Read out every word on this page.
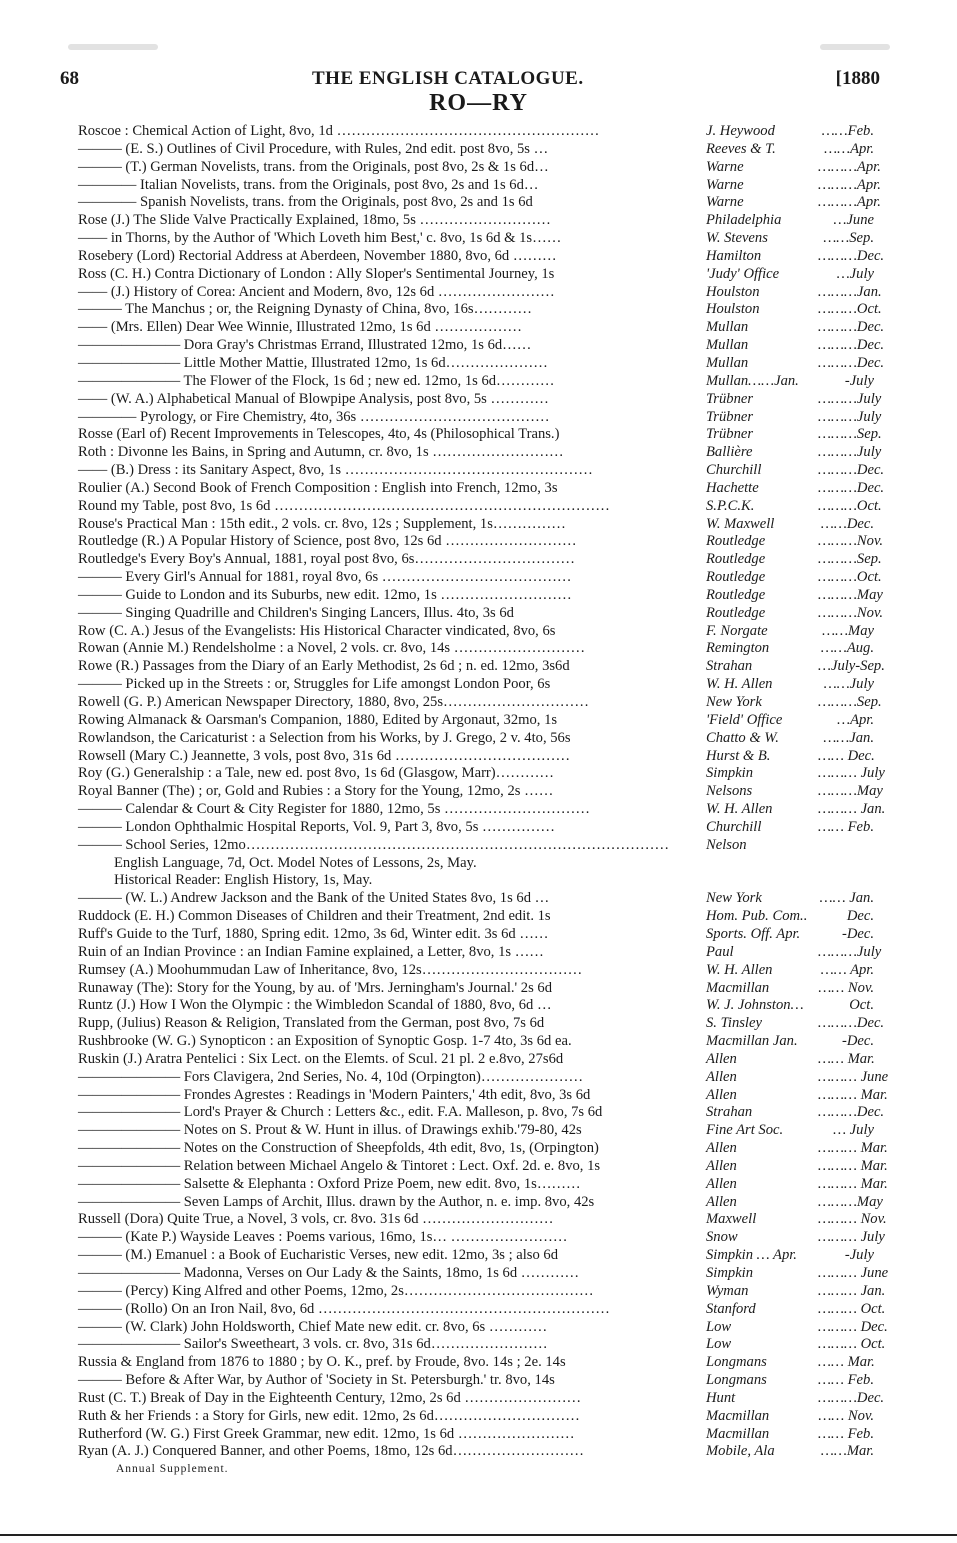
68	THE ENGLISH CATALOGUE.	[1880
RO—RY
Roscoe : Chemical Action of Light, 8vo, 1d ………………………………………………	J. Heywood	……Feb.
——— (E. S.) Outlines of Civil Procedure, with Rules, 2nd edit. post 8vo, 5s …	Reeves & T.	……Apr.
——— (T.) German Novelists, trans. from the Originals, post 8vo, 2s & 1s 6d…	Warne	………Apr.
———— Italian Novelists, trans. from the Originals, post 8vo, 2s and 1s 6d…	Warne	………Apr.
———— Spanish Novelists, trans. from the Originals, post 8vo, 2s and 1s 6d	Warne	………Apr.
Rose (J.) The Slide Valve Practically Explained, 18mo, 5s ………………………	Philadelphia	…June
—— in Thorns, by the Author of 'Which Loveth him Best,' c. 8vo, 1s 6d & 1s……	W. Stevens	……Sep.
Rosebery (Lord) Rectorial Address at Aberdeen, November 1880, 8vo, 6d ………	Hamilton	………Dec.
Ross (C. H.) Contra Dictionary of London : Ally Sloper's Sentimental Journey, 1s	'Judy' Office	…July
—— (J.) History of Corea: Ancient and Modern, 8vo, 12s 6d ……………………	Houlston	………Jan.
——— The Manchus ; or, the Reigning Dynasty of China, 8vo, 16s…………	Houlston	………Oct.
—— (Mrs. Ellen) Dear Wee Winnie, Illustrated 12mo, 1s 6d ………………	Mullan	………Dec.
——————— Dora Gray's Christmas Errand, Illustrated 12mo, 1s 6d……	Mullan	………Dec.
——————— Little Mother Mattie, Illustrated 12mo, 1s 6d…………………	Mullan	………Dec.
——————— The Flower of the Flock, 1s 6d ; new ed. 12mo, 1s 6d…………	Mullan……Jan.	-July
—— (W. A.) Alphabetical Manual of Blowpipe Analysis, post 8vo, 5s …………	Trübner	………July
———— Pyrology, or Fire Chemistry, 4to, 36s …………………………………	Trübner	………July
Rosse (Earl of) Recent Improvements in Telescopes, 4to, 4s (Philosophical Trans.)	Trübner	………Sep.
Roth : Divonne les Bains, in Spring and Autumn, cr. 8vo, 1s ………………………	Ballière	………July
—— (B.) Dress : its Sanitary Aspect, 8vo, 1s ……………………………………………	Churchill	………Dec.
Roulier (A.) Second Book of French Composition : English into French, 12mo, 3s	Hachette	………Dec.
Round my Table, post 8vo, 1s 6d ……………………………………………………………	S.P.C.K.	………Oct.
Rouse's Practical Man : 15th edit., 2 vols. cr. 8vo, 12s ; Supplement, 1s……………	W. Maxwell	……Dec.
Routledge (R.) A Popular History of Science, post 8vo, 12s 6d ………………………	Routledge	………Nov.
Routledge's Every Boy's Annual, 1881, royal post 8vo, 6s……………………………	Routledge	………Sep.
——— Every Girl's Annual for 1881, royal 8vo, 6s …………………………………	Routledge	………Oct.
——— Guide to London and its Suburbs, new edit. 12mo, 1s ………………………	Routledge	………May
——— Singing Quadrille and Children's Singing Lancers, Illus. 4to, 3s 6d	Routledge	………Nov.
Row (C. A.) Jesus of the Evangelists: His Historical Character vindicated, 8vo, 6s	F. Norgate	……May
Rowan (Annie M.) Rendelsholme : a Novel, 2 vols. cr. 8vo, 14s ………………………	Remington	……Aug.
Rowe (R.) Passages from the Diary of an Early Methodist, 2s 6d ; n. ed. 12mo, 3s6d	Strahan	…July-Sep.
——— Picked up in the Streets : or, Struggles for Life amongst London Poor, 6s	W. H. Allen	……July
Rowell (G. P.) American Newspaper Directory, 1880, 8vo, 25s…………………………	New York	………Sep.
Rowing Almanack & Oarsman's Companion, 1880, Edited by Argonaut, 32mo, 1s	'Field' Office	…Apr.
Rowlandson, the Caricaturist : a Selection from his Works, by J. Grego, 2 v. 4to, 56s	Chatto & W.	……Jan.
Rowsell (Mary C.) Jeannette, 3 vols, post 8vo, 31s 6d ………………………………	Hurst & B.	…… Dec.
Roy (G.) Generalship : a Tale, new ed. post 8vo, 1s 6d (Glasgow, Marr)…………	Simpkin	……… July
Royal Banner (The) ; or, Gold and Rubies : a Story for the Young, 12mo, 2s ……	Nelsons	………May
——— Calendar & Court & City Register for 1880, 12mo, 5s …………………………	W. H. Allen	……… Jan.
——— London Ophthalmic Hospital Reports, Vol. 9, Part 3, 8vo, 5s ……………	Churchill	…… Feb.
——— School Series, 12mo……………………………………………………………………………	Nelson
English Language, 7d, Oct. Model Notes of Lessons, 2s, May.
Historical Reader: English History, 1s, May.
——— (W. L.) Andrew Jackson and the Bank of the United States 8vo, 1s 6d …	New York	…… Jan.
Ruddock (E. H.) Common Diseases of Children and their Treatment, 2nd edit. 1s	Hom. Pub. Com..	Dec.
Ruff's Guide to the Turf, 1880, Spring edit. 12mo, 3s 6d, Winter edit. 3s 6d ……	Sports. Off. Apr.	-Dec.
Ruin of an Indian Province : an Indian Famine explained, a Letter, 8vo, 1s ……	Paul	………July
Rumsey (A.) Moohummudan Law of Inheritance, 8vo, 12s……………………………	W. H. Allen	…… Apr.
Runaway (The): Story for the Young, by au. of 'Mrs. Jerningham's Journal.' 2s 6d	Macmillan	…… Nov.
Runtz (J.) How I Won the Olympic : the Wimbledon Scandal of 1880, 8vo, 6d …	W. J. Johnston…	Oct.
Rupp, (Julius) Reason & Religion, Translated from the German, post 8vo, 7s 6d	S. Tinsley	………Dec.
Rushbrooke (W. G.) Synopticon : an Exposition of Synoptic Gosp. 1-7 4to, 3s 6d ea.	Macmillan Jan.	-Dec.
Ruskin (J.) Aratra Pentelici : Six Lect. on the Elemts. of Scul. 21 pl. 2 e.8vo, 27s6d	Allen	…… Mar.
——————— Fors Clavigera, 2nd Series, No. 4, 10d (Orpington)…………………	Allen	……… June
——————— Frondes Agrestes : Readings in 'Modern Painters,' 4th edit, 8vo, 3s 6d	Allen	……… Mar.
——————— Lord's Prayer & Church : Letters &c., edit. F.A. Malleson, p. 8vo, 7s 6d	Strahan	………Dec.
——————— Notes on S. Prout & W. Hunt in illus. of Drawings exhib.'79-80, 42s	Fine Art Soc.	… July
——————— Notes on the Construction of Sheepfolds, 4th edit, 8vo, 1s, (Orpington)	Allen	……… Mar.
——————— Relation between Michael Angelo & Tintoret : Lect. Oxf. 2d. e. 8vo, 1s	Allen	……… Mar.
——————— Salsette & Elephanta : Oxford Prize Poem, new edit. 8vo, 1s………	Allen	……… Mar.
——————— Seven Lamps of Archit, Illus. drawn by the Author, n. e. imp. 8vo, 42s	Allen	………May
Russell (Dora) Quite True, a Novel, 3 vols, cr. 8vo. 31s 6d ………………………	Maxwell	……… Nov.
——— (Kate P.) Wayside Leaves : Poems various, 16mo, 1s… ……………………	Snow	……… July
——— (M.) Emanuel : a Book of Eucharistic Verses, new edit. 12mo, 3s ; also 6d	Simpkin … Apr.	-July
——————— Madonna, Verses on Our Lady & the Saints, 18mo, 1s 6d …………	Simpkin	……… June
——— (Percy) King Alfred and other Poems, 12mo, 2s…………………………………	Wyman	……… Jan.
——— (Rollo) On an Iron Nail, 8vo, 6d ……………………………………………………	Stanford	……… Oct.
——— (W. Clark) John Holdsworth, Chief Mate new edit. cr. 8vo, 6s …………	Low	……… Dec.
——————— Sailor's Sweetheart, 3 vols. cr. 8vo, 31s 6d……………………	Low	……… Oct.
Russia & England from 1876 to 1880 ; by O. K., pref. by Froude, 8vo. 14s ; 2e. 14s	Longmans	…… Mar.
——— Before & After War, by Author of 'Society in St. Petersburgh.' tr. 8vo, 14s	Longmans	…… Feb.
Rust (C. T.) Break of Day in the Eighteenth Century, 12mo, 2s 6d ……………………	Hunt	………Dec.
Ruth & her Friends : a Story for Girls, new edit. 12mo, 2s 6d…………………………	Macmillan	…… Nov.
Rutherford (W. G.) First Greek Grammar, new edit. 12mo, 1s 6d ……………………	Macmillan	…… Feb.
Ryan (A. J.) Conquered Banner, and other Poems, 18mo, 12s 6d………………………	Mobile, Ala	……Mar.
Annual Supplement.
